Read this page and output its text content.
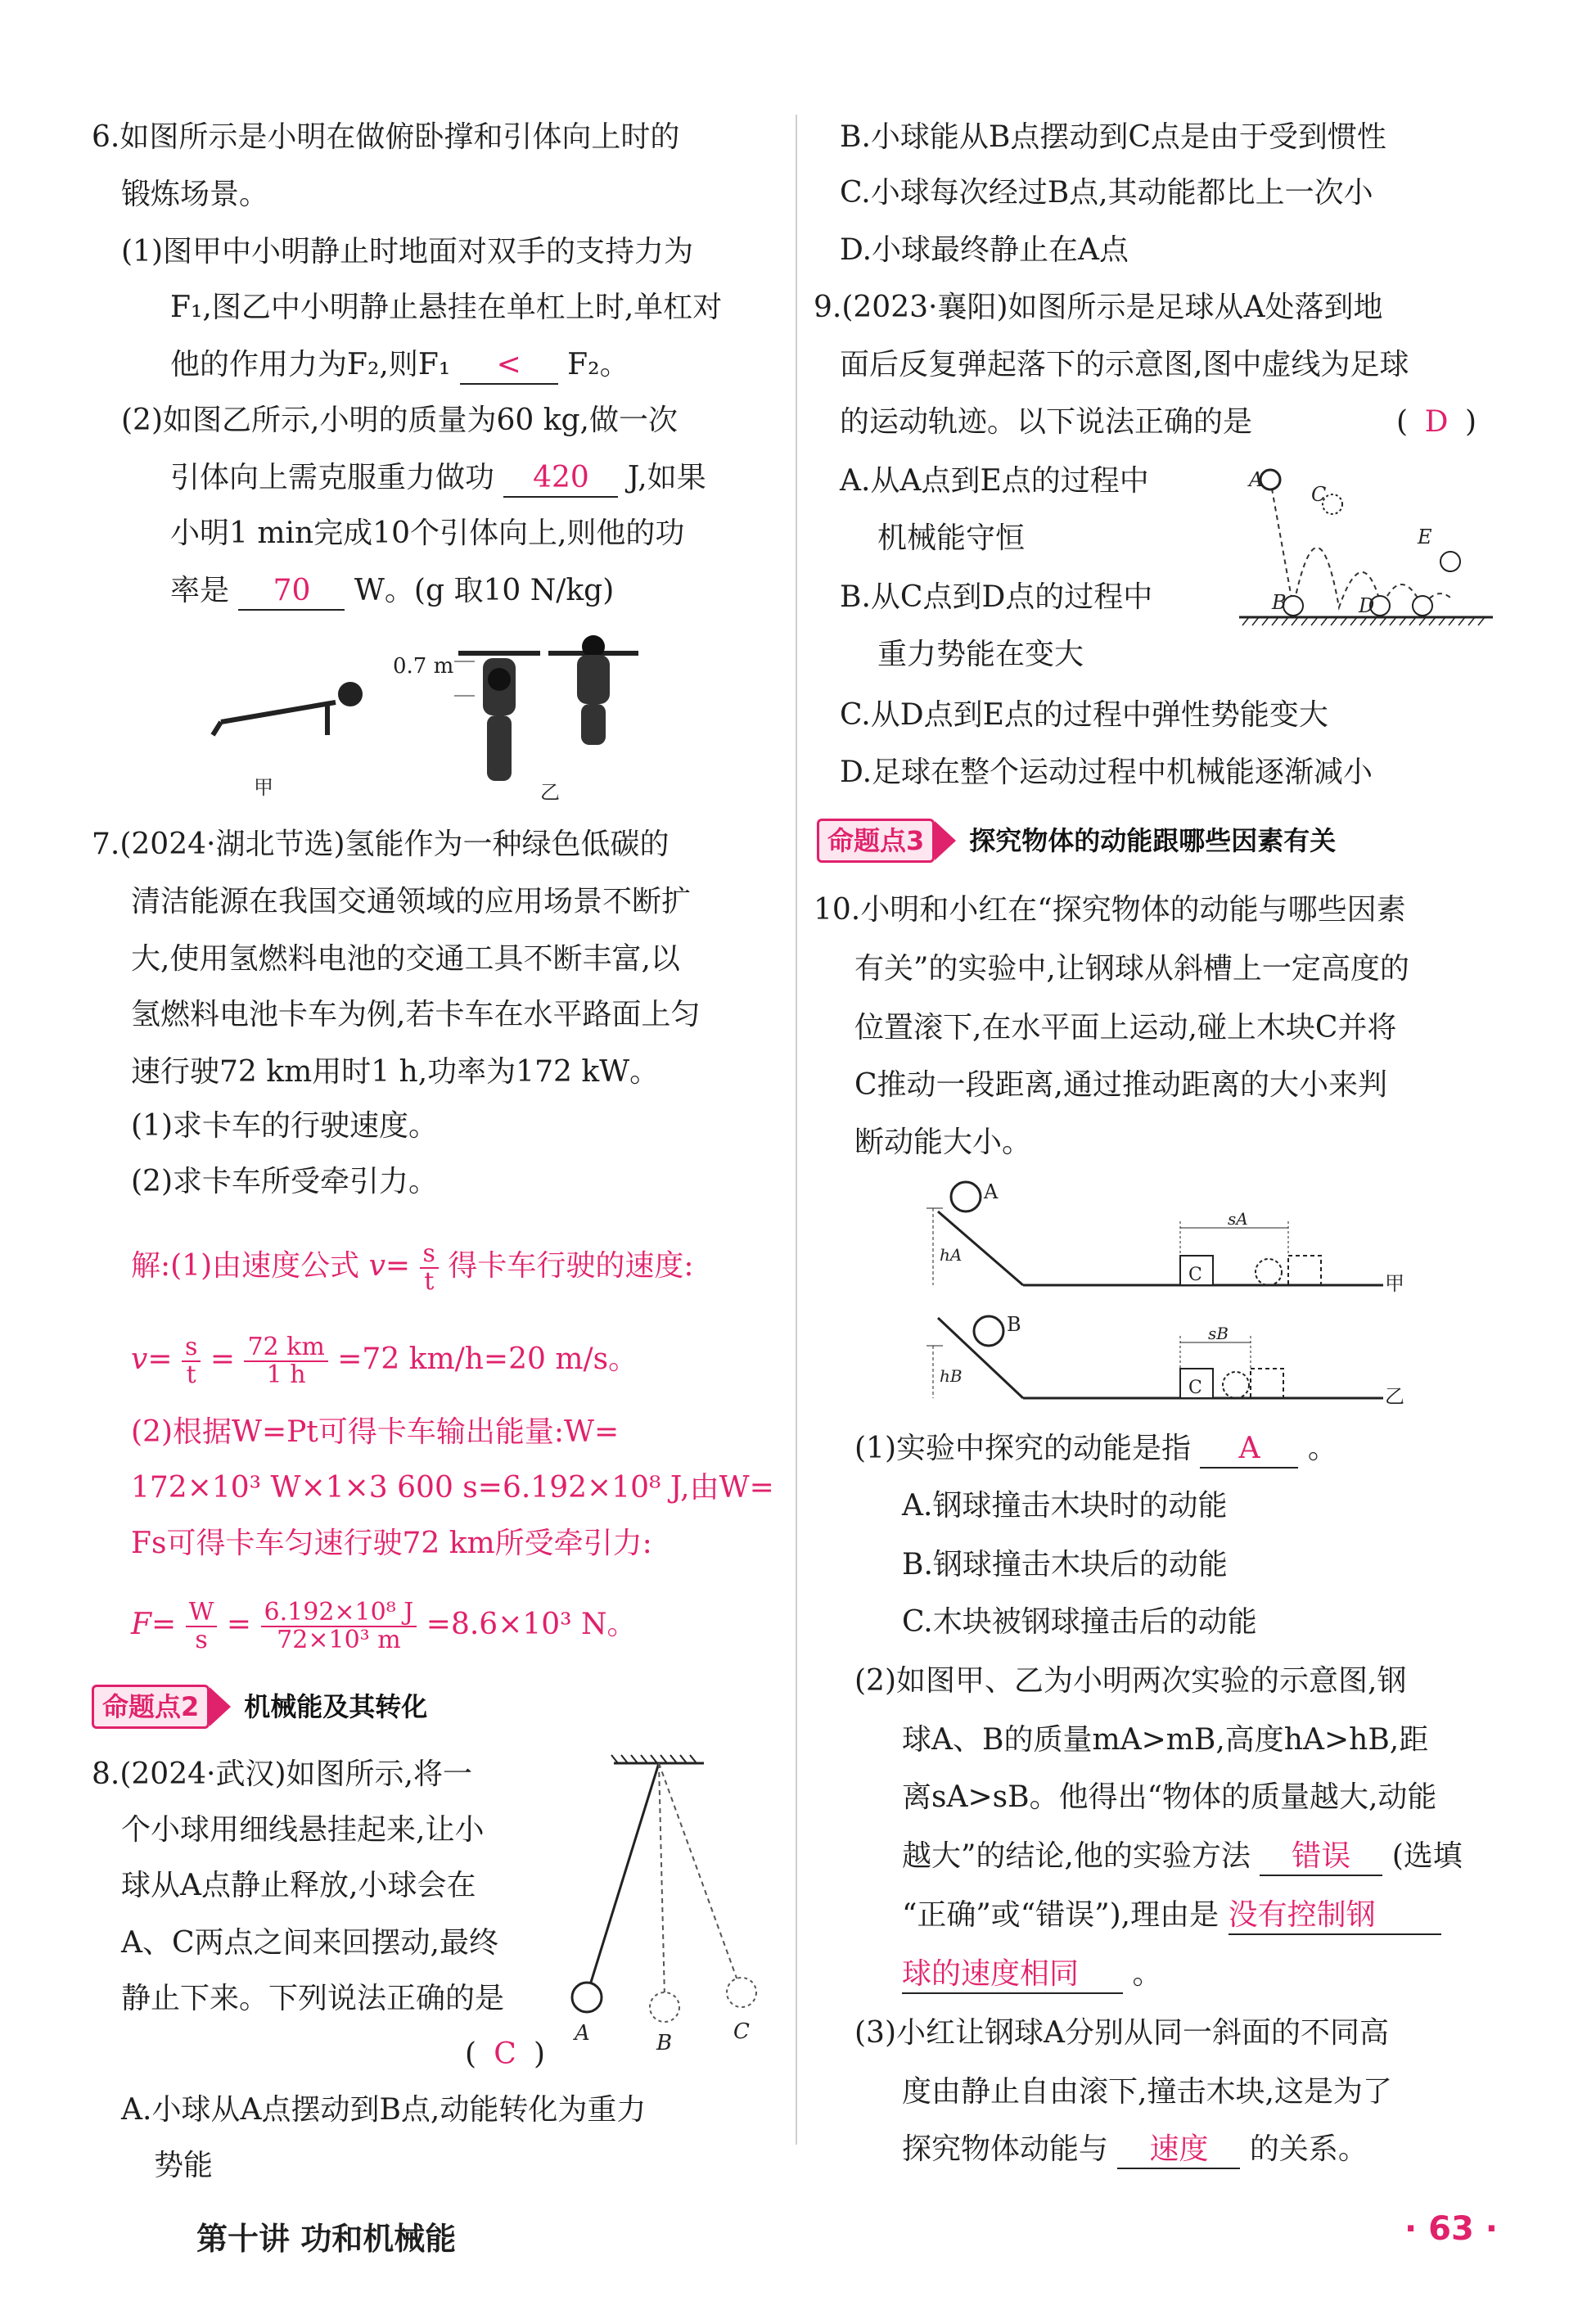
6.如图所示是小明在做俯卧撑和引体向上时的
锻炼场景。
(1)图甲中小明静止时地面对双手的支持力为
F₁,图乙中小明静止悬挂在单杠上时,单杠对
他的作用力为F₂,则F₁ < F₂。
(2)如图乙所示,小明的质量为60 kg,做一次
引体向上需克服重力做功 420 J,如果
小明1 min完成10个引体向上,则他的功
率是 70 W。(g 取10 N/kg)
甲
0.7 m
乙
7.(2024·湖北节选)氢能作为一种绿色低碳的
清洁能源在我国交通领域的应用场景不断扩
大,使用氢燃料电池的交通工具不断丰富,以
氢燃料电池卡车为例,若卡车在水平路面上匀
速行驶72 km用时1 h,功率为172 kW。
(1)求卡车的行驶速度。
(2)求卡车所受牵引力。
解:(1)由速度公式 $v= \frac{s}{t}$ 得卡车行驶的速度:
$v= \frac{s}{t} = \frac{72 km}{1 h} =72$ km/h=20 m/s。
(2)根据W=Pt可得卡车输出能量:W=
172×10³ W×1×3 600 s=6.192×10⁸ J,由W=
Fs可得卡车匀速行驶72 km所受牵引力:
$F= \frac{W}{s} = \frac{\text{6.192×10⁸ J}}{\text{72×10³ m}} =8.6\times 10^3$ N。
命题点2 机械能及其转化
8.(2024·武汉)如图所示,将一
个小球用细线悬挂起来,让小
球从A点静止释放,小球会在
A、C两点之间来回摆动,最终
静止下来。下列说法正确的是
( C )
A.小球从A点摆动到B点,动能转化为重力
势能
A	B	C
B.小球能从B点摆动到C点是由于受到惯性
C.小球每次经过B点,其动能都比上一次小
D.小球最终静止在A点
9.(2023·襄阳)如图所示是足球从A处落到地
面后反复弹起落下的示意图,图中虚线为足球
的运动轨迹。以下说法正确的是	( D )
A.从A点到E点的过程中
机械能守恒
B.从C点到D点的过程中
重力势能在变大
C.从D点到E点的过程中弹性势能变大
D.足球在整个运动过程中机械能逐渐减小
A
C
B	D
E
命题点3 探究物体的动能跟哪些因素有关
10.小明和小红在“探究物体的动能与哪些因素
有关”的实验中,让钢球从斜槽上一定高度的
位置滚下,在水平面上运动,碰上木块C并将
C推动一段距离,通过推动距离的大小来判
断动能大小。
A
hA
C
sA
甲
B
hB
C
sB
乙
(1)实验中探究的动能是指 A 。
A.钢球撞击木块时的动能
B.钢球撞击木块后的动能
C.木块被钢球撞击后的动能
(2)如图甲、乙为小明两次实验的示意图,钢
球A、B的质量mA>mB,高度hA>hB,距
离sA>sB。他得出“物体的质量越大,动能
越大”的结论,他的实验方法 错误 (选填
“正确”或“错误”),理由是 没有控制钢
球的速度相同 。
(3)小红让钢球A分别从同一斜面的不同高
度由静止自由滚下,撞击木块,这是为了
探究物体动能与 速度 的关系。
第十讲 功和机械能	· 63 ·
